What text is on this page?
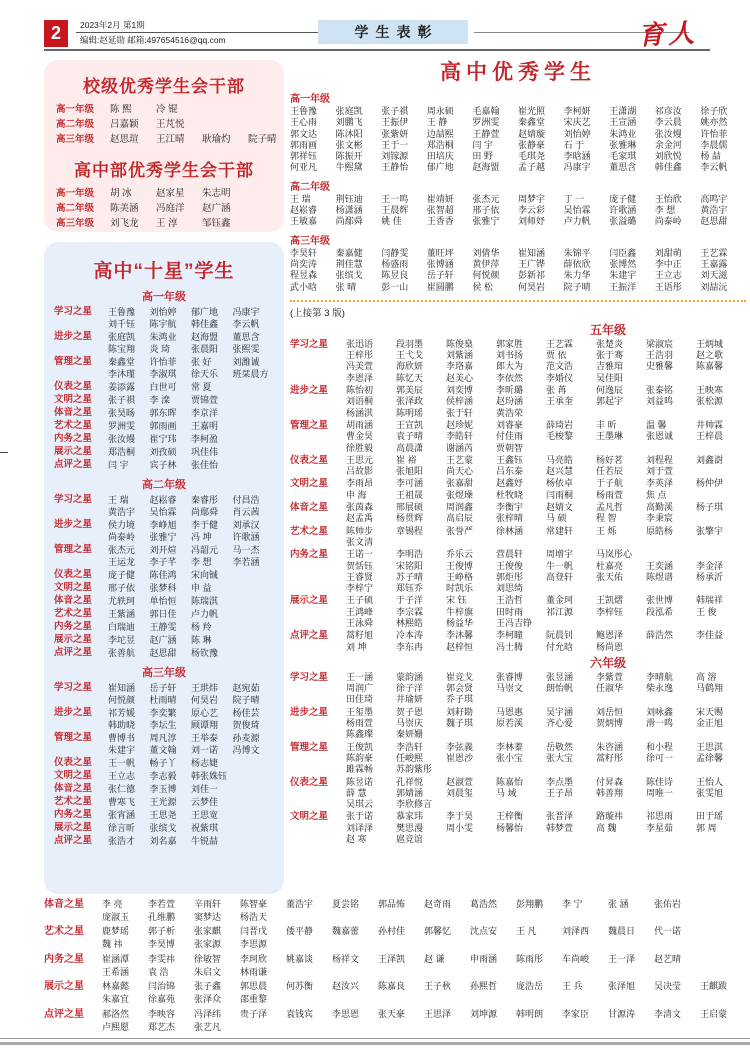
2	2023年2月 第1期
编辑:赵延勋 邮箱:497654516@qq.com	学生表彰	育人
校级优秀学生会干部
高一年级	陈 熙	冷 锟
高二年级	吕嘉颖	王芃悦
高三年级	赵思瑄	王江晴	耿瑜灼	院子晴
高中部优秀学生会干部
高一年级	胡 冰	赵家星	朱志明
高二年级	陈美涵	冯庭洋	赵广涵
高三年级	刘飞龙	王 淳	邹钰鑫
高中“十星”学生
高一年级
学习之星	王鲁豫	刘怡婷	郁广地	冯康宇
刘千钰	陈宇航	韩佳鑫	李云帆
进步之星	张庭凯	朱鸿业	赵海盟	董思含
陈宝翔	炎 琦	张晨阳	张熙雯
管理之星	秦鑫堂	许怡菲	张 好	刘潍诚
李沐瑾	李淑琪	徐天乐	班栞晨方
仪表之星	姜添露	白世可	常 夏
文明之星	张子祺	李 滦	贾锦萱
体音之星	张昊旸	郭东晖	李京洋
艺术之星	罗洲雯	郭雨画	王嘉明
内务之星	张汝熳	崔宁玮	李柯盈
展示之星	郑浩桐	刘孜硕	巩佳伟
点评之星	闫 宇	宾子林	张佳怡
高二年级
学习之星	王 瑞	赵崧睿	秦睿彤	付昌浩
黄浩宇	吴怡霖	尚鄢舜	肖云茜
进步之星	侯力境	李峥旭	李于健	刘承汉
尚泰岭	张雅宁	冯 坤	许歌涵
管理之星	张杰元	刘开煊	冯韶元	马一杰
王运龙	李子芊	李 想	李若涵
仪表之星	庞子健	陈佳鸿	宋向铖
文明之星	邢子依	张梦科	申 益
体音之星	尤轶珂	单怡恒	陈瑞淇
艺术之星	王紫涵	郭日佳	卢力帆
内务之星	白瑞迪	王静雯	杨 羚
展示之星	李坨昱	赵广涵	陈 琳
点评之星	张善航	赵思甜	杨钦豫
高三年级
学习之星	崔知涵	岳子轩	王珙炜	赵宛茹
何悦颜	杜雨晴	何昊岩	院子晴
进步之星	祁芳媛	李奕繁	原心艺	杨佳芸
韩助晓	李坛生	顾谭翔	贺俊琦
管理之星	曹博书	周凡淳	王举泰	孙麦源
朱建宇	董文翰	刘一诺	冯博文
仪表之星	王一帆	畅子丫	杨志婕
文明之星	王立志	李志毅	韩张姝钰
体音之星	张仁德	李玉博	刘佳一
艺术之星	曹寒飞	王光源	云梦佳
内务之星	张宵涵	王思尧	王思宽
展示之星	徐言昕	张缤戈	祝紫琪
点评之星	张浩才	刘名嘉	牛锐喆
高中优秀学生
高一年级
王鲁豫	张庭凯	张子祺	周永硕	毛嘉翰	崔光照	李柯妍	王潇湖	祁彦汝	徐子欣
王心雨	刘鹏飞	王振伊	王 静	罗洲雯	秦鑫堂	宋庆艺	王宣涵	李云晨	姚亦然
郭文达	陈沐阳	张紫妍	边喆熙	王静萱	赵婧璇	刘怡婷	朱鸿业	张汝熳	许怡菲
郭雨画	张文彬	王于一	郑浩桐	闫 宇	张静豪	石 于	张雅琳	余金河	李晨儒
郭祥钰	陈振开	刘镓源	田培庆	田 野	毛琪尧	李晗涵	毛家琪	刘欣悦	杨 喆
何亚凡	牛熙黛	王静怡	郁广地	赵海盟	孟子越	冯康宇	董思含	韩佳鑫	李云帆
高二年级
王 瑞	荆钰迪	王一鸣	崔靖妍	张杰元	周梦宇	丁 一	庞子健	王怡欣	高鸣宇
赵崧睿	杨潇涵	王晨辉	张智超	邢子依	李云彩	吴怡霖	许歌涵	李 想	黄浩宇
王敏嘉	尚鄢舜	姚 佳	王香香	张雅宁	刘师妤	卢力帆	张溢璐	尚泰岭	赵思甜
高三年级
李昊轩	秦嘉健	闫静雯	董旺坪	刘倩华	崔知涵	朱锦平	闫臣鑫	刘甜萌	王艺霖
尚奕涛	荆佳慧	杨盛雨	张博涵	黄伊萍	王广铧	薛依欣	张博然	李中正	王嘉露
程昱森	张缤戈	陈昱良	岳子轩	何悦颜	彭新祁	朱力华	朱建宇	王立志	刘天滋
武小晗	张 晴	彭一山	崔圆鹏	侯 松	何昊岩	院子晴	王振洋	王语彤	刘喆沅
(上接第 3 版)
五年级
学习之星	张迅语	段羽墨	陈俊燊	郭家胜	王艺霖	张楚炎	梁淑宸	王炳城
王梓彤	王弋戈	刘紫涵	刘书扬	贾 依	张于骞	王浩羽	赵之歌
冯美萱	海欣妍	李珞嘉	郎大为	范文浩	吉雅琯	史雅馨	陈嘉馨
李恩泽	陈忆天	赵美心	李依然	李婚仪	吴佳阳
进步之星	陈怡初	郭美辰	刘奕博	李昕璐	张 苒	何逸辰	张泰铭	王映寒
刘语桐	张泽政	侯梓涵	赵玢涵	王承奎	郭起宇	刘益鸣	张松源
杨涵淇	陈明瑶	张于轩	黄浩荣
管理之星	胡雨涵	王宣凯	赵珍妮	刘睿豪	薛琦岩	丰 昕	温 馨	井帅霖
曹金昊	袁子晴	李皓轩	付佳雨	毛梭黎	王墨琳	张恩诚	王梓晨
徐胜毅	高晨潇	谢涵芮	贾朝智
仪表之星	王思元	崔 裕	王艺蒙	王鑫钰	马亮皓	杨好茗	刘程程	刘鑫澍
吕故影	张旭阳	尚天心	吕东泰	赵兴慧	任若辰	刘于萱
文明之星	李雨昂	李可涵	张嘉甜	赵鑫妤	杨依卓	于子航	李英泽	杨仲伊
申 海	王祖晟	张煜璪	杜牧晓	闫雨桐	杨雨萱	焦 点
体音之星	张茵森	邢展硕	周润鑫	李衡宇	赵婧文	孟凡哲	高勤溪	杨子琪
赵孟禹	杨贯辉	高启辰	张梓晴	马 硕	程 智	李秉宸
艺术之星	陈帅步	章锡程	张誉严	徐林涵	常建轩	王 烁	原皓杨	张擎宇
张文清
内务之星	王诺一	李明浩	乔乐云	营晨轩	周增宇	马岚彤心
贺恬钰	宋铭阳	王俊博	王俊俊	牛一帆	杜嘉亮	王奕涵	李金泽
王睿贤	苏子晴	王峥格	郭炬彤	高登轩	张天佑	陈煜谱	杨承沂
李梓宁	郑钰乔	时凯乐	刘思绮
展示之星	王子硕	于子洋	宋 钰	王浩哲	董金珂	王凯熠	张世博	韩瑞祥
王鸿峰	李宗霖	牛梓旗	田时雨	祁江源	李梓钰	段泓希	王 俊
王泳舜	林熙皓	杨益华	王冯吉铮
点评之星	蒿籽旭	冷本涛	李沐馨	李柯瞳	阮晨钊	鲍恩泽	薛浩然	李佳益
刘 坤	李东冉	赵梓恒	冯士腾	付允晗	杨尚恩
六年级
学习之星	王一涵	蒙韵涵	崔竞戈	张睿博	张昱涵	李紫萱	李晴航	高 溶
周润广	徐子洋	郭会贤	马崇文	朗怡帆	任淑华	柴永逸	马鹤翔
田佳琦	井瑜妍	乔子琪
进步之星	王玺墨	贺子恩	刘耔勘	马恩惠	吴宇涵	刘岳恒	刘咏鑫	宋天赐
杨雨萱	马崇庆	魏子琪	原若溪	齐心爱	贺炳博	滑一鸣	金正旭
陈鑫璨	秦妍姗
管理之星	王俊凯	李浩轩	李弦義	李林蓁	岳敬然	朱咨涵	和小程	王思淇
陈韵豪	任峻熙	崔恩沙	张小宝	张大宝	蒿籽彤	徐可一	孟徐馨
雎霖畅	苏韵紫彤
仪表之星	陈昱诺	孔祥悦	赵淑萱	陈嘉怡	李点墨	付昇森	陈佳诗	王怡人
薛 慧	郭婧涵	刘晨玺	马 域	王子昂	韩善翔	周唯一	张雯旭
吴琪云	李欣修言
文明之星	张于诺	慕家玮	李于昊	王梓衡	张晋泽	路璇祎	祁思雨	田于瑶
刘译泽	樊思漫	周小雯	杨馨怡	韩梦萱	高 魏	李星茹	郭 周
赵 寒	扈竞谊
体音之星	李 亮	李若萱	辛雨轩	陈智豪	董浩宇	夏尝铭	郭品怖	赵奇雨	葛浩然	彭翔鹏	李 宁	张 涵	张佑岩
庞淑玉	孔维鹏	窦梦达	杨浩天
艺术之星	鹿梦瑶	郭子析	张家麒	闫晋戊	倭平静	魏嘉蕾	孙村佳	郭馨忆	沈点安	王 凡	刘泽西	魏晨日	代一诺
魏 祎	李昊博	张家源	李思源
内务之星	崔涵潭	李雯祎	徐敏智	李珂欣	姚嘉谈	杨祥文	王泽凯	赵 谦	申雨涵	陈雨彤	车尚峻	王一泽	赵艺晴
王希涵	袁 浩	朱启文	林雨谦
展示之星	林嘉懿	闫治锦	张子鑫	郭思晨	何苏衡	赵汝兴	陈嘉良	王子秋	孙熙哲	庞浩岳	王 兵	张泽旭	吴决莹	王麒跋
朱嘉宜	徐嘉苑	张泽众	邵重黎
点评之星	郝洛然	李映容	冯泽纬	贵子泽	袁钱宾	李思恩	张天豪	王思泽	刘坤源	韩明朗	李家臣	甘源涛	李清文	王启蒙
卢熙愿	郑艺杰	张艺凡
